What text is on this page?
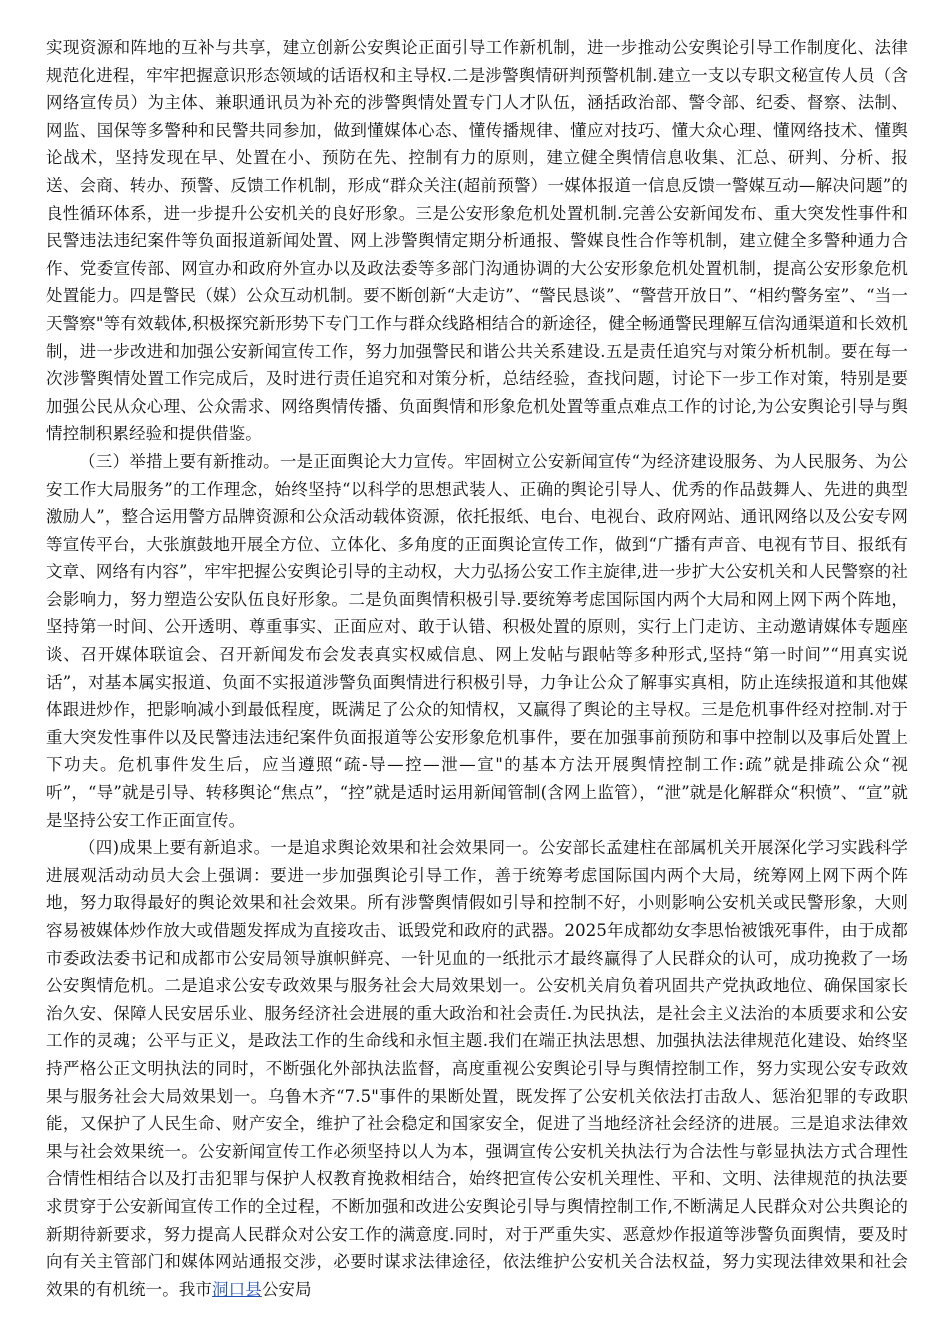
实现资源和阵地的互补与共享，建立创新公安舆论正面引导工作新机制，进一步推动公安舆论引导工作制度化、法律规范化进程，牢牢把握意识形态领域的话语权和主导权.二是涉警舆情研判预警机制.建立一支以专职文秘宣传人员（含网络宣传员）为主体、兼职通讯员为补充的涉警舆情处置专门人才队伍，涵括政治部、警令部、纪委、督察、法制、网监、国保等多警种和民警共同参加，做到懂媒体心态、懂传播规律、懂应对技巧、懂大众心理、懂网络技术、懂舆论战术，坚持发现在早、处置在小、预防在先、控制有力的原则，建立健全舆情信息收集、汇总、研判、分析、报送、会商、转办、预警、反馈工作机制，形成“群众关注(超前预警）一媒体报道一信息反馈一警媒互动—解决问题”的良性循环体系，进一步提升公安机关的良好形象。三是公安形象危机处置机制.完善公安新闻发布、重大突发性事件和民警违法违纪案件等负面报道新闻处置、网上涉警舆情定期分析通报、警媒良性合作等机制，建立健全多警种通力合作、党委宣传部、网宣办和政府外宣办以及政法委等多部门沟通协调的大公安形象危机处置机制，提高公安形象危机处置能力。四是警民（媒）公众互动机制。要不断创新“大走访”、“警民恳谈”、“警营开放日”、“相约警务室”、“当一天警察"等有效载体,积极探究新形势下专门工作与群众线路相结合的新途径，健全畅通警民理解互信沟通渠道和长效机制，进一步改进和加强公安新闻宣传工作，努力加强警民和谐公共关系建设.五是责任追究与对策分析机制。要在每一次涉警舆情处置工作完成后，及时进行责任追究和对策分析，总结经验，查找问题，讨论下一步工作对策，特别是要加强公民从众心理、公众需求、网络舆情传播、负面舆情和形象危机处置等重点难点工作的讨论,为公安舆论引导与舆情控制积累经验和提供借鉴。

（三）举措上要有新推动。一是正面舆论大力宣传。牢固树立公安新闻宣传“为经济建设服务、为人民服务、为公安工作大局服务”的工作理念，始终坚持“以科学的思想武装人、正确的舆论引导人、优秀的作品鼓舞人、先进的典型激励人”，整合运用警方品牌资源和公众活动载体资源，依托报纸、电台、电视台、政府网站、通讯网络以及公安专网等宣传平台，大张旗鼓地开展全方位、立体化、多角度的正面舆论宣传工作，做到“广播有声音、电视有节目、报纸有文章、网络有内容”，牢牢把握公安舆论引导的主动权，大力弘扬公安工作主旋律,进一步扩大公安机关和人民警察的社会影响力，努力塑造公安队伍良好形象。二是负面舆情积极引导.要统筹考虑国际国内两个大局和网上网下两个阵地，坚持第一时间、公开透明、尊重事实、正面应对、敢于认错、积极处置的原则，实行上门走访、主动邀请媒体专题座谈、召开媒体联谊会、召开新闻发布会发表真实权威信息、网上发帖与跟帖等多种形式,坚持“第一时间”“用真实说话”，对基本属实报道、负面不实报道涉警负面舆情进行积极引导，力争让公众了解事实真相，防止连续报道和其他媒体跟进炒作，把影响减小到最低程度，既满足了公众的知情权，又赢得了舆论的主导权。三是危机事件经对控制.对于重大突发性事件以及民警违法违纪案件负面报道等公安形象危机事件，要在加强事前预防和事中控制以及事后处置上下功夫。危机事件发生后，应当遵照“疏-导—控—泄—宣"的基本方法开展舆情控制工作:疏”就是排疏公众“视听”，“导”就是引导、转移舆论“焦点”，“控”就是适时运用新闻管制(含网上监管），“泄”就是化解群众“积愤”、“宣”就是坚持公安工作正面宣传。

（四)成果上要有新追求。一是追求舆论效果和社会效果同一。公安部长孟建柱在部属机关开展深化学习实践科学进展观活动动员大会上强调：要进一步加强舆论引导工作，善于统筹考虑国际国内两个大局，统筹网上网下两个阵地，努力取得最好的舆论效果和社会效果。所有涉警舆情假如引导和控制不好，小则影响公安机关或民警形象，大则容易被媒体炒作放大或借题发挥成为直接攻击、诋毁党和政府的武器。2025年成都幼女李思怡被饿死事件，由于成都市委政法委书记和成都市公安局领导旗帜鲜亮、一针见血的一纸批示才最终赢得了人民群众的认可，成功挽救了一场公安舆情危机。二是追求公安专政效果与服务社会大局效果划一。公安机关肩负着巩固共产党执政地位、确保国家长治久安、保障人民安居乐业、服务经济社会进展的重大政治和社会责任.为民执法，是社会主义法治的本质要求和公安工作的灵魂；公平与正义，是政法工作的生命线和永恒主题.我们在端正执法思想、加强执法法律规范化建设、始终坚持严格公正文明执法的同时，不断强化外部执法监督，高度重视公安舆论引导与舆情控制工作，努力实现公安专政效果与服务社会大局效果划一。乌鲁木齐“7.5"事件的果断处置，既发挥了公安机关依法打击敌人、惩治犯罪的专政职能，又保护了人民生命、财产安全，维护了社会稳定和国家安全，促进了当地经济社会经济的进展。三是追求法律效果与社会效果统一。公安新闻宣传工作必须坚持以人为本，强调宣传公安机关执法行为合法性与彰显执法方式合理性合情性相结合以及打击犯罪与保护人权教育挽救相结合，始终把宣传公安机关理性、平和、文明、法律规范的执法要求贯穿于公安新闻宣传工作的全过程，不断加强和改进公安舆论引导与舆情控制工作,不断满足人民群众对公共舆论的新期待新要求，努力提高人民群众对公安工作的满意度.同时，对于严重失实、恶意炒作报道等涉警负面舆情，要及时向有关主管部门和媒体网站通报交涉，必要时谋求法律途径，依法维护公安机关合法权益，努力实现法律效果和社会效果的有机统一。我市洞口县公安局
